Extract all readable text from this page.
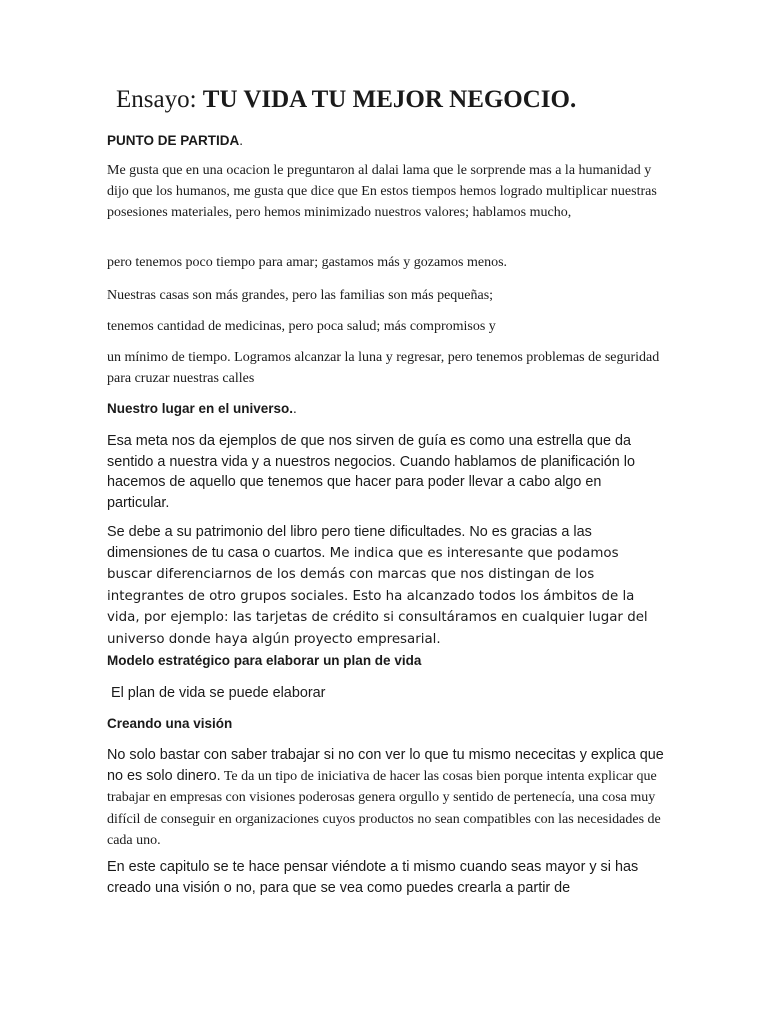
Ensayo: TU VIDA TU MEJOR NEGOCIO.
PUNTO DE PARTIDA.

Me gusta que en una ocacion le preguntaron al dalai lama que le sorprende mas a la humanidad y dijo que los humanos, me gusta que dice que En estos tiempos hemos logrado multiplicar nuestras posesiones materiales, pero hemos minimizado nuestros valores; hablamos mucho,

pero tenemos poco tiempo para amar; gastamos más y gozamos menos.

Nuestras casas son más grandes, pero las familias son más pequeñas;

tenemos cantidad de medicinas, pero poca salud; más compromisos y

un mínimo de tiempo. Logramos alcanzar la luna y regresar, pero tenemos problemas de seguridad para cruzar nuestras calles

Nuestro lugar en el universo..

Esa meta nos da ejemplos de que nos sirven de guía es como una estrella que da sentido a nuestra vida y a nuestros negocios. Cuando hablamos de planificación lo hacemos de aquello que tenemos que hacer para poder llevar a cabo algo en particular.

Se debe a su patrimonio del libro pero tiene dificultades. No es gracias a las dimensiones de tu casa o cuartos. Me indica que es interesante que podamos buscar diferenciarnos de los demás con marcas que nos distingan de los integrantes de otro grupos sociales. Esto ha alcanzado todos los ámbitos de la vida, por ejemplo: las tarjetas de crédito si consultáramos en cualquier lugar del universo donde haya algún proyecto empresarial.

Modelo estratégico para elaborar un plan de vida

El plan de vida se puede elaborar

Creando una visión

No solo bastar con saber trabajar si no con ver lo que tu mismo nececitas y explica que no es solo dinero. Te da un tipo de iniciativa de hacer las cosas bien porque intenta explicar que trabajar en empresas con visiones poderosas genera orgullo y sentido de pertenecía, una cosa muy difícil de conseguir en organizaciones cuyos productos no sean compatibles con las necesidades de cada uno.

En este capitulo se te hace pensar viéndote a ti mismo cuando seas mayor y si has creado una visión o no, para que se vea como puedes crearla a partir de
